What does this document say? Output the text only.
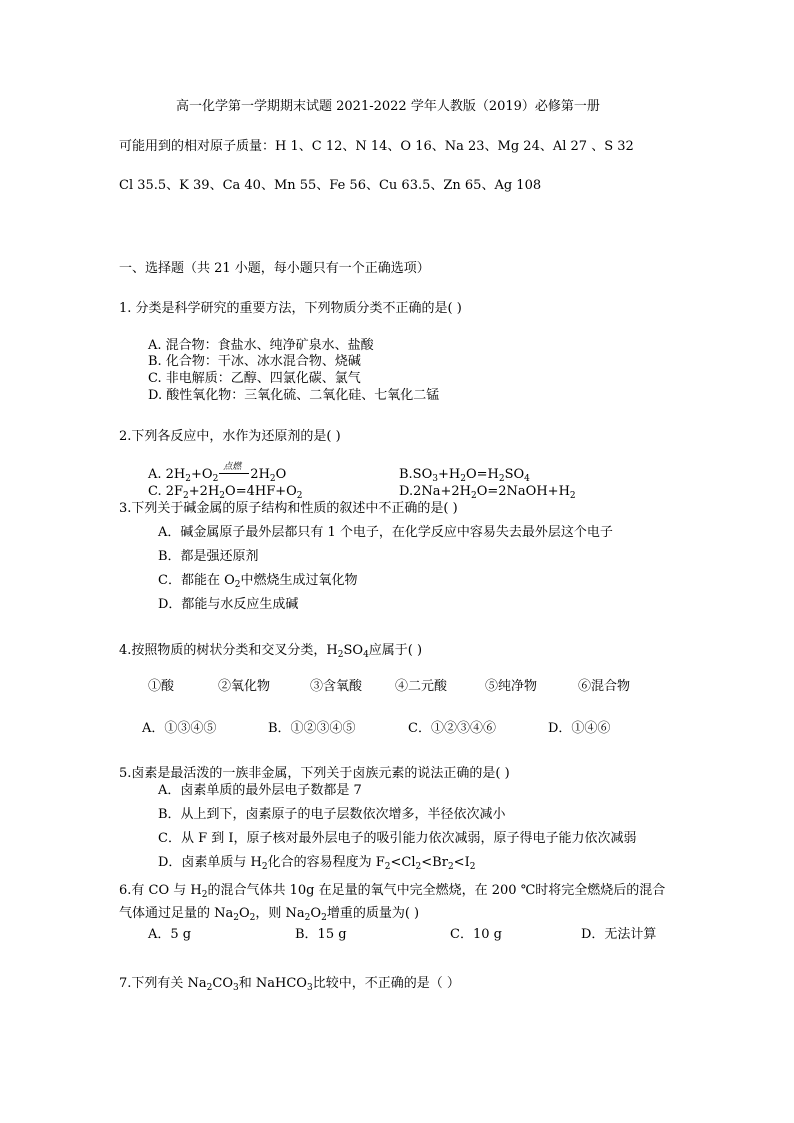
高一化学第一学期期末试题 2021-2022 学年人教版（2019）必修第一册
可能用到的相对原子质量：H 1、C 12、N 14、O 16、Na 23、Mg 24、Al 27 、S 32
Cl 35.5、K 39、Ca 40、Mn 55、Fe 56、Cu 63.5、Zn 65、Ag 108
一、选择题（共 21 小题，每小题只有一个正确选项）
1. 分类是科学研究的重要方法，下列物质分类不正确的是( )
A. 混合物：食盐水、纯净矿泉水、盐酸
B. 化合物：干冰、冰水混合物、烧碱
C. 非电解质：乙醇、四氯化碳、氯气
D. 酸性氧化物：三氧化硫、二氧化硅、七氧化二锰
2.下列各反应中，水作为还原剂的是( )
A. $2H_2+O_2$
点燃 $2H_2O$	$B.SO_3+H_2O=H_2SO_4$
C. $2F_2+2H_2O=4HF+O_2$	$D.2Na+2H_2O=2NaOH+H_2$
3.下列关于碱金属的原子结构和性质的叙述中不正确的是( )
A．碱金属原子最外层都只有 1 个电子，在化学反应中容易失去最外层这个电子
B．都是强还原剂
C．都能在 $O_2$中燃烧生成过氧化物
D．都能与水反应生成碱
4.按照物质的树状分类和交叉分类，$H_2SO_4$应属于( )
①酸	②氧化物	③含氧酸	④二元酸	⑤纯净物	⑥混合物
A．①③④⑤	B．①②③④⑤	C．①②③④⑥	D．①④⑥
5.卤素是最活泼的一族非金属，下列关于卤族元素的说法正确的是( )
A．卤素单质的最外层电子数都是 7
B．从上到下，卤素原子的电子层数依次增多，半径依次减小
C．从 F 到 I，原子核对最外层电子的吸引能力依次减弱，原子得电子能力依次减弱
D．卤素单质与 $H_2$化合的容易程度为 $F_2<Cl_2<Br_2<I_2$
6.有 CO 与 $H_2$的混合气体共 10g 在足量的氧气中完全燃烧，在 200 ℃时将完全燃烧后的混合
气体通过足量的 $Na_2O_2$，则 $Na_2O_2$增重的质量为( )
A．5 g	B．15 g	C．10 g	D．无法计算
7.下列有关 $Na_2CO_3$和 NaHCO$_3$比较中，不正确的是（ ）
